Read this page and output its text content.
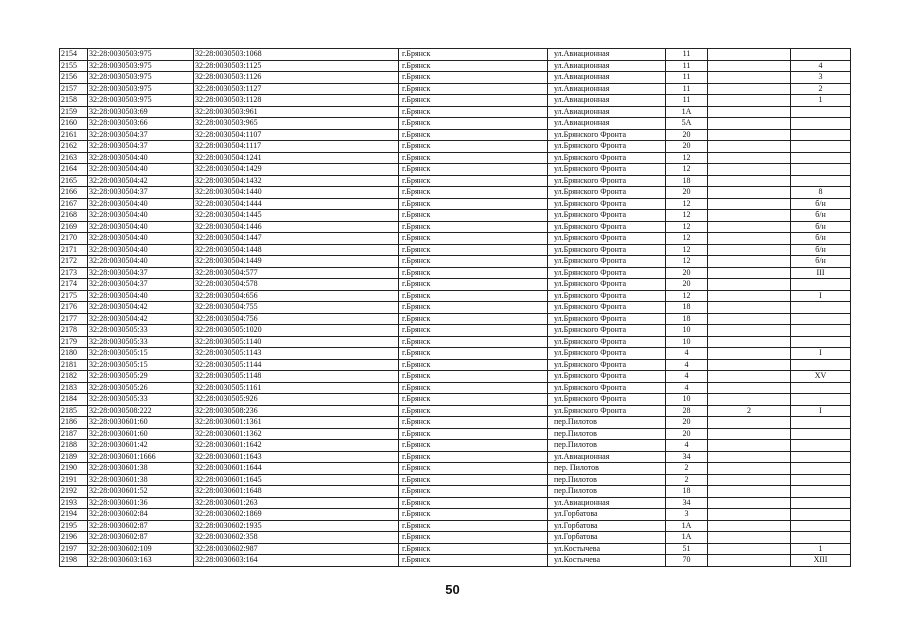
2154	32:28:0030503:975	32:28:0030503:1068	г.Брянск	ул.Авиационная	11		
2155	32:28:0030503:975	32:28:0030503:1125	г.Брянск	ул.Авиационная	11		4
2156	32:28:0030503:975	32:28:0030503:1126	г.Брянск	ул.Авиационная	11		3
2157	32:28:0030503:975	32:28:0030503:1127	г.Брянск	ул.Авиационная	11		2
2158	32:28:0030503:975	32:28:0030503:1128	г.Брянск	ул.Авиационная	11		1
2159	32:28:0030503:69	32:28:0030503:961	г.Брянск	ул.Авиационная	1А		
2160	32:28:0030503:66	32:28:0030503:965	г.Брянск	ул.Авиационная	5А		
2161	32:28:0030504:37	32:28:0030504:1107	г.Брянск	ул.Брянского Фронта	20		
2162	32:28:0030504:37	32:28:0030504:1117	г.Брянск	ул.Брянского Фронта	20		
2163	32:28:0030504:40	32:28:0030504:1241	г.Брянск	ул.Брянского Фронта	12		
2164	32:28:0030504:40	32:28:0030504:1429	г.Брянск	ул.Брянского Фронта	12		
2165	32:28:0030504:42	32:28:0030504:1432	г.Брянск	ул.Брянского Фронта	18		
2166	32:28:0030504:37	32:28:0030504:1440	г.Брянск	ул.Брянского Фронта	20		8
2167	32:28:0030504:40	32:28:0030504:1444	г.Брянск	ул.Брянского Фронта	12		б/н
2168	32:28:0030504:40	32:28:0030504:1445	г.Брянск	ул.Брянского Фронта	12		б/н
2169	32:28:0030504:40	32:28:0030504:1446	г.Брянск	ул.Брянского Фронта	12		б/н
2170	32:28:0030504:40	32:28:0030504:1447	г.Брянск	ул.Брянского Фронта	12		б/н
2171	32:28:0030504:40	32:28:0030504:1448	г.Брянск	ул.Брянского Фронта	12		б/н
2172	32:28:0030504:40	32:28:0030504:1449	г.Брянск	ул.Брянского Фронта	12		б/н
2173	32:28:0030504:37	32:28:0030504:577	г.Брянск	ул.Брянского Фронта	20		III
2174	32:28:0030504:37	32:28:0030504:578	г.Брянск	ул.Брянского Фронта	20		
2175	32:28:0030504:40	32:28:0030504:656	г.Брянск	ул.Брянского Фронта	12		I
2176	32:28:0030504:42	32:28:0030504:755	г.Брянск	ул.Брянского Фронта	18		
2177	32:28:0030504:42	32:28:0030504:756	г.Брянск	ул.Брянского Фронта	18		
2178	32:28:0030505:33	32:28:0030505:1020	г.Брянск	ул.Брянского Фронта	10		
2179	32:28:0030505:33	32:28:0030505:1140	г.Брянск	ул.Брянского Фронта	10		
2180	32:28:0030505:15	32:28:0030505:1143	г.Брянск	ул.Брянского Фронта	4		I
2181	32:28:0030505:15	32:28:0030505:1144	г.Брянск	ул.Брянского Фронта	4		
2182	32:28:0030505:29	32:28:0030505:1148	г.Брянск	ул.Брянского Фронта	4		XV
2183	32:28:0030505:26	32:28:0030505:1161	г.Брянск	ул.Брянского Фронта	4		
2184	32:28:0030505:33	32:28:0030505:926	г.Брянск	ул.Брянского Фронта	10		
2185	32:28:0030508:222	32:28:0030508:236	г.Брянск	ул.Брянского Фронта	28	2	I
2186	32:28:0030601:60	32:28:0030601:1361	г.Брянск	пер.Пилотов	20		
2187	32:28:0030601:60	32:28:0030601:1362	г.Брянск	пер.Пилотов	20		
2188	32:28:0030601:42	32:28:0030601:1642	г.Брянск	пер.Пилотов	4		
2189	32:28:0030601:1666	32:28:0030601:1643	г.Брянск	ул.Авиационная	34		
2190	32:28:0030601:38	32:28:0030601:1644	г.Брянск	пер. Пилотов	2		
2191	32:28:0030601:38	32:28:0030601:1645	г.Брянск	пер.Пилотов	2		
2192	32:28:0030601:52	32:28:0030601:1648	г.Брянск	пер.Пилотов	18		
2193	32:28:0030601:36	32:28:0030601:263	г.Брянск	ул.Авиационная	34		
2194	32:28:0030602:84	32:28:0030602:1869	г.Брянск	ул.Горбатова	3		
2195	32:28:0030602:87	32:28:0030602:1935	г.Брянск	ул.Горбатова	1А		
2196	32:28:0030602:87	32:28:0030602:358	г.Брянск	ул.Горбатова	1А		
2197	32:28:0030602:109	32:28:0030602:987	г.Брянск	ул.Костычева	51		1
2198	32:28:0030603:163	32:28:0030603:164	г.Брянск	ул.Костычева	70		XIII
50
